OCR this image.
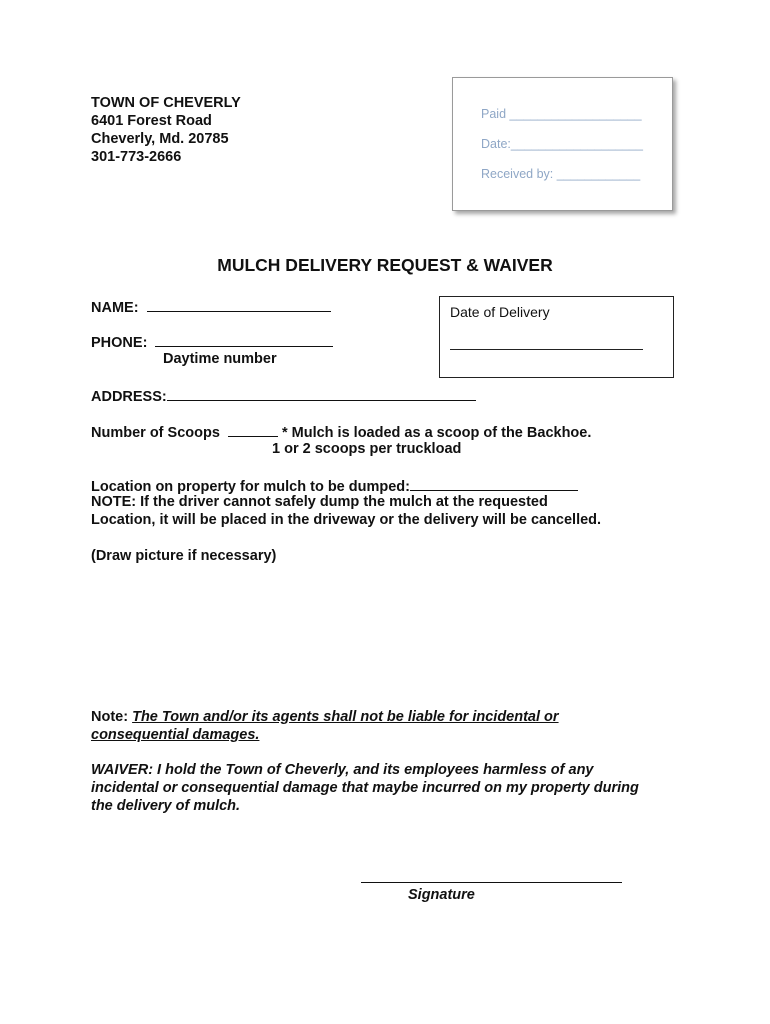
TOWN OF CHEVERLY
6401 Forest Road
Cheverly, Md. 20785
301-773-2666
Paid ___________________
Date:___________________
Received by: ____________
MULCH DELIVERY REQUEST & WAIVER
NAME:
PHONE:
Daytime number
Date of Delivery
ADDRESS:
Number of Scoops	* Mulch is loaded as a scoop of the Backhoe.
1 or 2 scoops per truckload
Location on property for mulch to be dumped:
NOTE: If the driver cannot safely dump the mulch at the requested
Location, it will be placed in the driveway or the delivery will be cancelled.
(Draw picture if necessary)
Note: The Town and/or its agents shall not be liable for incidental or
consequential damages.
WAIVER: I hold the Town of Cheverly, and its employees harmless of any
incidental or consequential damage that maybe incurred on my property during
the delivery of mulch.
Signature
